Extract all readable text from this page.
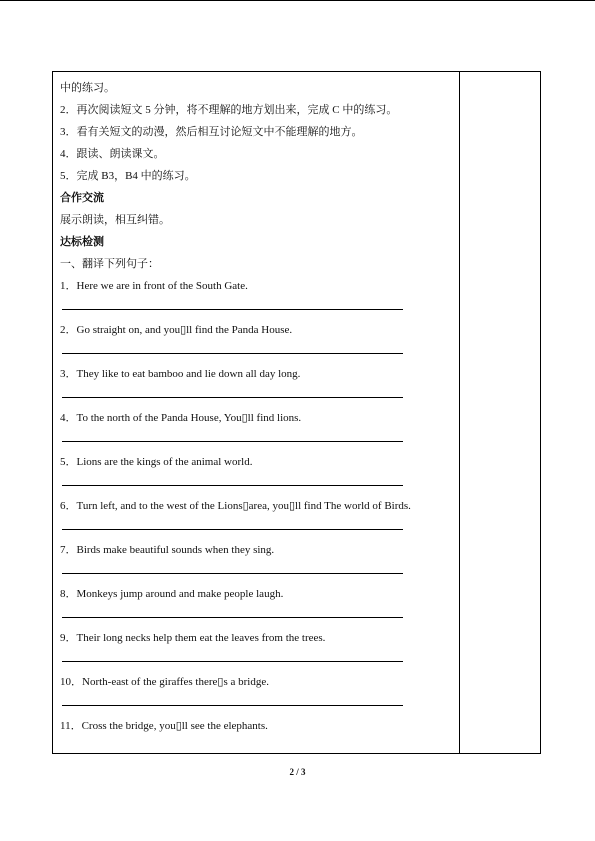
中的练习。
2．再次阅读短文 5 分钟，将不理解的地方划出来，完成 C 中的练习。
3．看有关短文的动漫，然后相互讨论短文中不能理解的地方。
4．跟读、朗读课文。
5．完成 B3，B4 中的练习。
合作交流
展示朗读，相互纠错。
达标检测
一、翻译下列句子：
1．Here we are in front of the South Gate.
2．Go straight on, and you▯ll find the Panda House.
3．They like to eat bamboo and lie down all day long.
4．To the north of the Panda House, You▯ll find lions.
5．Lions are the kings of the animal world.
6．Turn left, and to the west of the Lions▯area, you▯ll find The world of Birds.
7．Birds make beautiful sounds when they sing.
8．Monkeys jump around and make people laugh.
9．Their long necks help them eat the leaves from the trees.
10．North-east of the giraffes there▯s a bridge.
11．Cross the bridge, you▯ll see the elephants.
2 / 3
